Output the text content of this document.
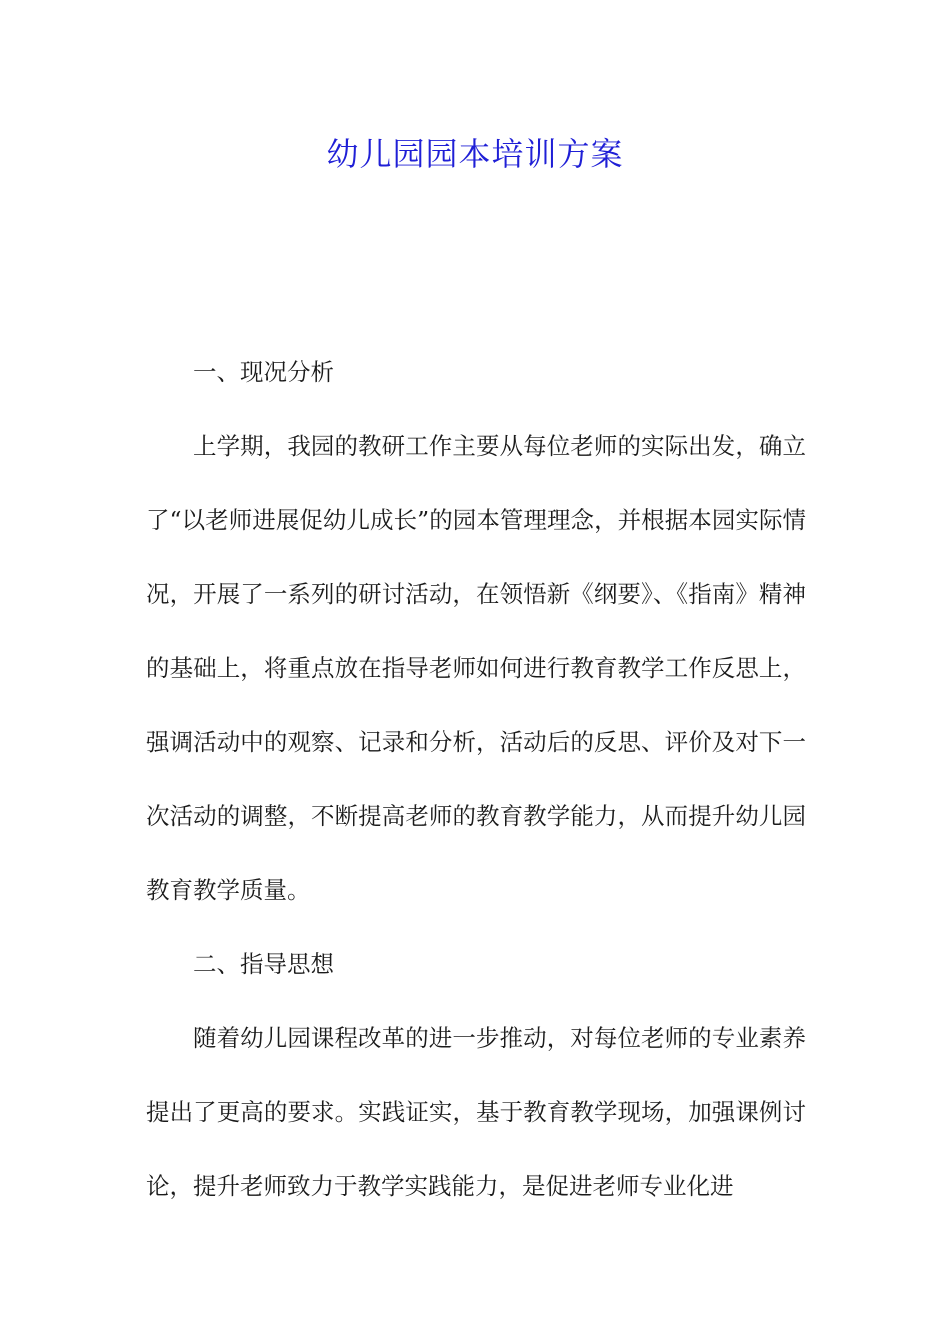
幼儿园园本培训方案

一、现况分析

上学期，我园的教研工作主要从每位老师的实际出发，确立了“以老师进展促幼儿成长”的园本管理理念，并根据本园实际情况，开展了一系列的研讨活动，在领悟新《纲要》、《指南》精神的基础上，将重点放在指导老师如何进行教育教学工作反思上，强调活动中的观察、记录和分析，活动后的反思、评价及对下一次活动的调整，不断提高老师的教育教学能力，从而提升幼儿园教育教学质量。

二、指导思想

随着幼儿园课程改革的进一步推动，对每位老师的专业素养提出了更高的要求。实践证实，基于教育教学现场，加强课例讨论，提升老师致力于教学实践能力，是促进老师专业化进
